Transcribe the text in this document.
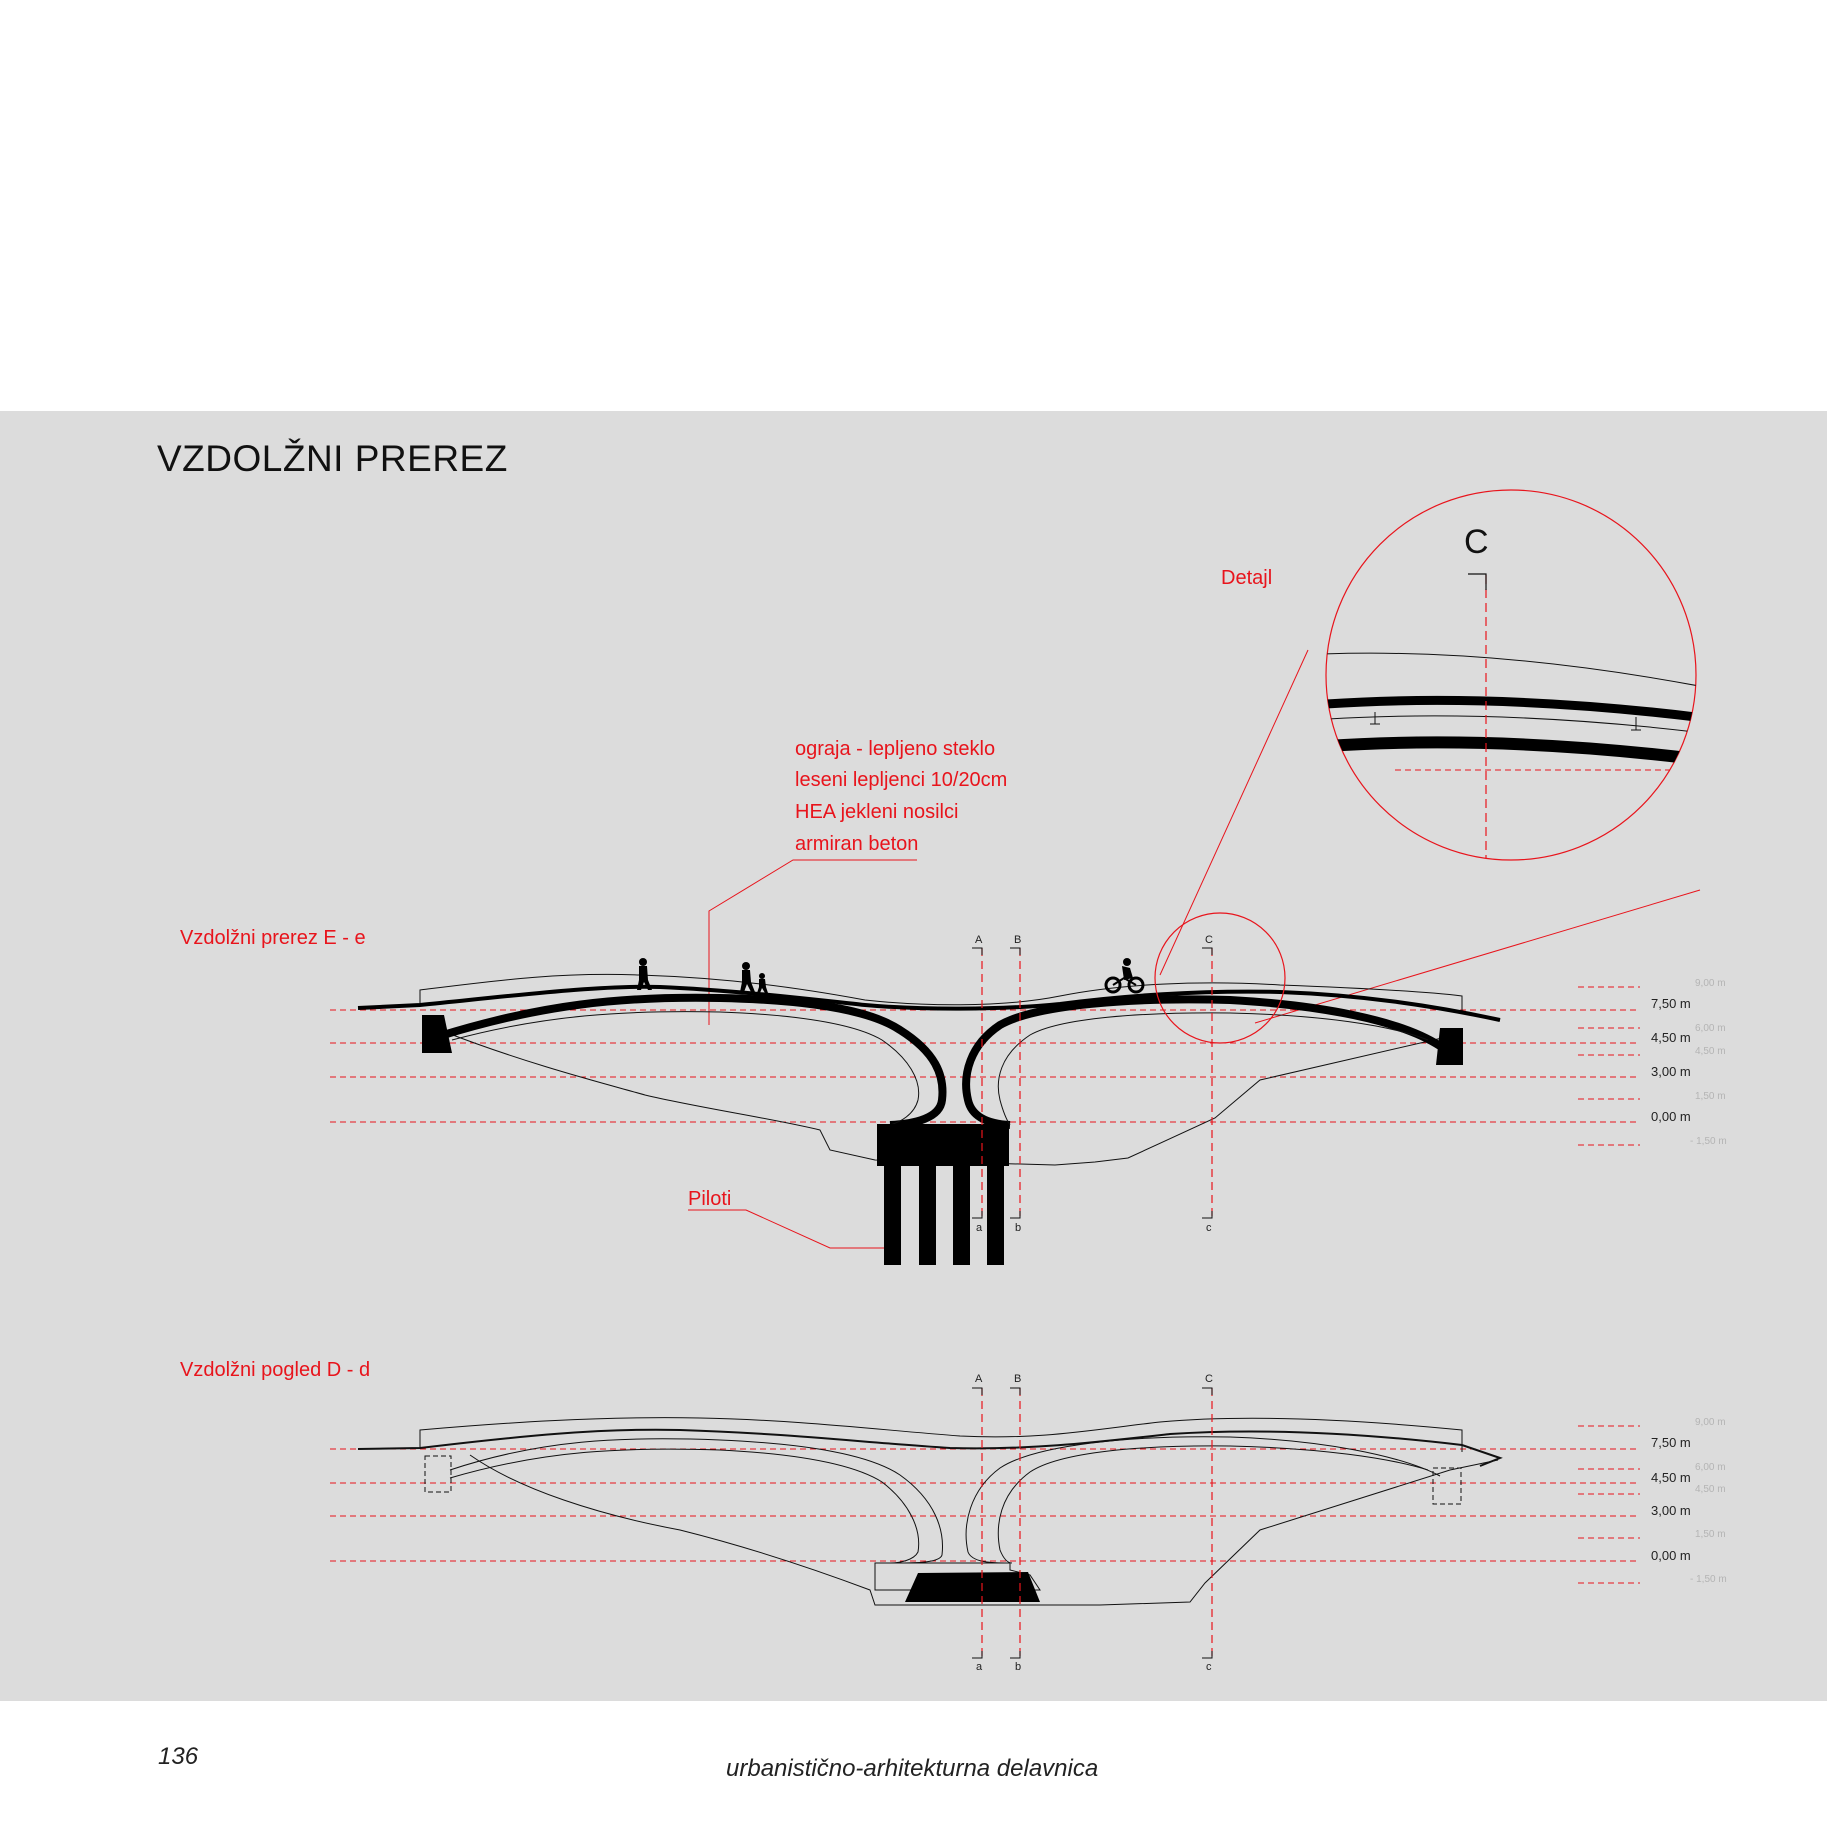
VZDOLŽNI PREREZ
Detajl
Vzdolžni prerez E - e
Vzdolžni pogled D - d
ograja - lepljeno steklo
leseni lepljenci 10/20cm
HEA jekleni nosilci
armiran beton
Piloti
C
7,50 m
4,50 m
3,00 m
0,00 m
9,00 m
6,00 m
4,50 m
1,50 m
- 1,50 m
A	B	C
a	b	c
7,50 m
4,50 m
3,00 m
0,00 m
9,00 m
6,00 m
4,50 m
1,50 m
- 1,50 m
A	B	C
a	b	c
136	urbanistično-arhitekturna delavnica
